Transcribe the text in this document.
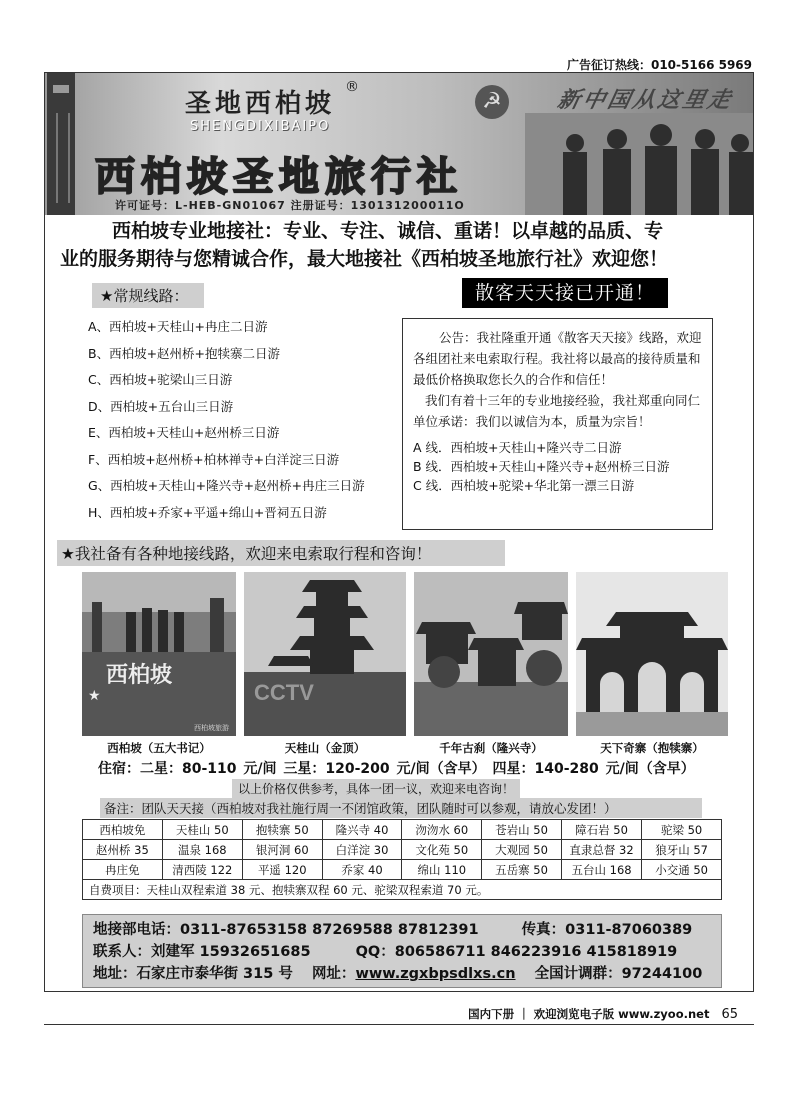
广告征订热线：010-5166 5969
圣地西柏坡
®
SHENGDIXIBAIPO
西柏坡圣地旅行社
许可证号：L-HEB-GN01067 注册证号：130131200011O
☭	新中国从这里走来
西柏坡专业地接社：专业、专注、诚信、重诺！以卓越的品质、专
业的服务期待与您精诚合作，最大地接社《西柏坡圣地旅行社》欢迎您！
★常规线路：	散客天天接已开通！
A、西柏坡+天桂山+冉庄二日游
B、西柏坡+赵州桥+抱犊寨二日游
C、西柏坡+驼梁山三日游
D、西柏坡+五台山三日游
E、西柏坡+天桂山+赵州桥三日游
F、西柏坡+赵州桥+柏林禅寺+白洋淀三日游
G、西柏坡+天桂山+隆兴寺+赵州桥+冉庄三日游
H、西柏坡+乔家+平遥+绵山+晋祠五日游

公告：我社隆重开通《散客天天接》线路，欢迎各组团社来电索取行程。我社将以最高的接待质量和最低价格换取您长久的合作和信任！

我们有着十三年的专业地接经验，我社郑重向同仁单位承诺：我们以诚信为本，质量为宗旨！

A 线．西柏坡+天桂山+隆兴寺二日游
B 线．西柏坡+天桂山+隆兴寺+赵州桥三日游
C 线．西柏坡+驼梁+华北第一漂三日游
★我社备有各种地接线路，欢迎来电索取行程和咨询！
西柏坡
★
西柏坡旅游
CCTV
西柏坡（五大书记）	天桂山（金顶）	千年古刹（隆兴寺）	天下奇寨（抱犊寨）
住宿：二星：80-110 元/间 三星：120-200 元/间（含早） 四星：140-280 元/间（含早）
以上价格仅供参考，具体一团一议，欢迎来电咨询！
备注：团队天天接（西柏坡对我社施行周一不闭馆政策，团队随时可以参观，请放心发团！）
西柏坡免	天桂山 50	抱犊寨 50	隆兴寺 40	沕沕水 60	苍岩山 50	障石岩 50	驼梁 50
赵州桥 35	温泉 168	银河洞 60	白洋淀 30	文化苑 50	大观园 50	直隶总督 32	狼牙山 57
冉庄免	清西陵 122	平遥 120	乔家 40	绵山 110	五岳寨 50	五台山 168	小交通 50
自费项目：天桂山双程索道 38 元、抱犊寨双程 60 元、驼梁双程索道 70 元。							
地接部电话：0311-87653158 87269588 87812391	传真：0311-87060389
联系人：刘建军 15932651685	QQ：806586711 846223916 415818919
地址：石家庄市泰华街 315 号 网址：www.zgxbpsdlxs.cn 全国计调群：97244100
国内下册 ｜ 欢迎浏览电子版 www.zyoo.net 65
